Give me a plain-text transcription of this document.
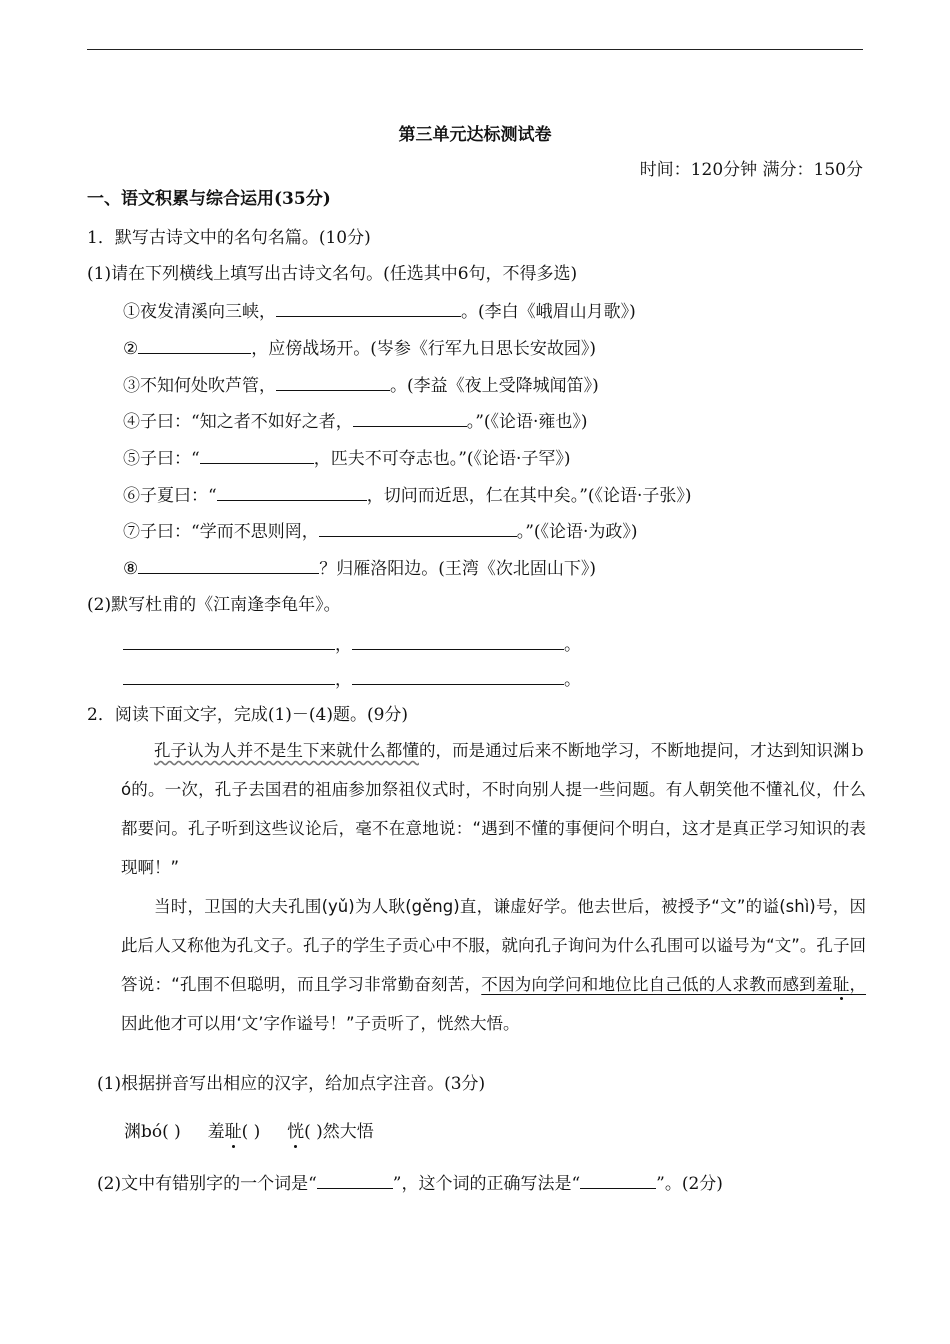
第三单元达标测试卷
时间：120分钟 满分：150分
一、语文积累与综合运用(35分)
1．默写古诗文中的名句名篇。(10分)
(1)请在下列横线上填写出古诗文名句。(任选其中6句，不得多选)
①夜发清溪向三峡，	。(李白《峨眉山月歌》)
②	，应傍战场开。(岑参《行军九日思长安故园》)
③不知何处吹芦管，	。(李益《夜上受降城闻笛》)
④子曰：“知之者不如好之者，	。”(《论语·雍也》)
⑤子曰：“	，匹夫不可夺志也。”(《论语·子罕》)
⑥子夏曰：“	，切问而近思，仁在其中矣。”(《论语·子张》)
⑦子曰：“学而不思则罔，	。”(《论语·为政》)
⑧	？归雁洛阳边。(王湾《次北固山下》)
(2)默写杜甫的《江南逢李龟年》。
，	。
，	。
2．阅读下面文字，完成(1)－(4)题。(9分)

孔子认为人并不是生下来就什么都懂的，而是通过后来不断地学习，不断地提问，才达到知识渊ｂó的。一次，孔子去国君的祖庙参加祭祖仪式时，不时向别人提一些问题。有人朝笑他不懂礼仪，什么都要问。孔子听到这些议论后，毫不在意地说：“遇到不懂的事便问个明白，这才是真正学习知识的表现啊！”

当时，卫国的大夫孔围(yǔ)为人耿(gěng)直，谦虚好学。他去世后，被授予“文”的谥(shì)号，因此后人又称他为孔文子。孔子的学生子贡心中不服，就向孔子询问为什么孔围可以谥号为“文”。孔子回答说：“孔围不但聪明，而且学习非常勤奋刻苦，不因为向学问和地位比自己低的人求教而感到羞耻，因此他才可以用‘文’字作谥号！”子贡听了，恍然大悟。

(1)根据拼音写出相应的汉字，给加点字注音。(3分)
渊bó( ) 羞耻( ) 恍( )然大悟
(2)文中有错别字的一个词是“	”，这个词的正确写法是“	”。(2分)
